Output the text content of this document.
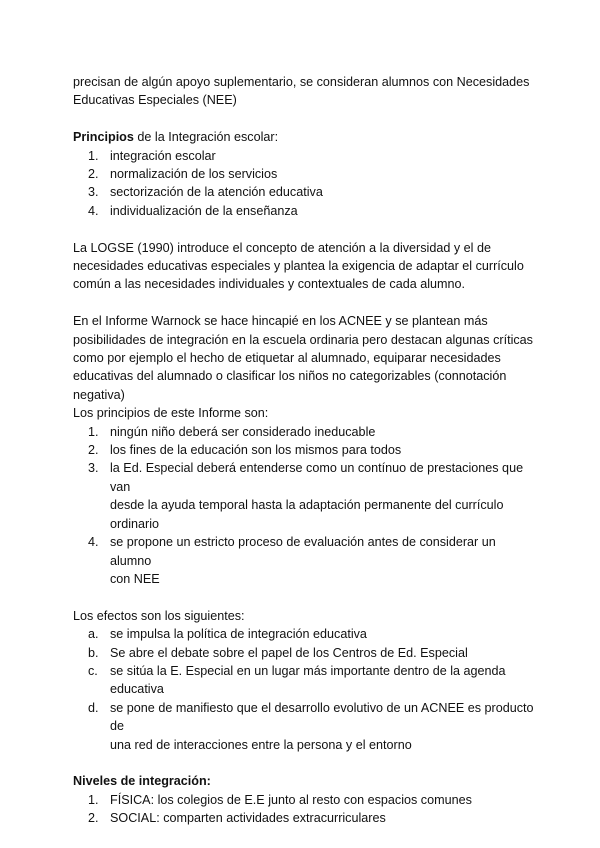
precisan de algún apoyo suplementario, se consideran alumnos con Necesidades
Educativas Especiales (NEE)

Principios de la Integración escolar:

1. integración escolar
2. normalización de los servicios
3. sectorización de la atención educativa
4. individualización de la enseñanza

La LOGSE (1990) introduce el concepto de atención a la diversidad y el de
necesidades educativas especiales y plantea la exigencia de adaptar el currículo
común a las necesidades individuales y contextuales de cada alumno.

En el Informe Warnock se hace hincapié en los ACNEE y se plantean más
posibilidades de integración en la escuela ordinaria pero destacan algunas críticas
como por ejemplo el hecho de etiquetar al alumnado, equiparar necesidades
educativas del alumnado o clasificar los niños no categorizables (connotación
negativa)

Los principios de este Informe son:

1. ningún niño deberá ser considerado ineducable
2. los fines de la educación son los mismos para todos
3. la Ed. Especial deberá entenderse como un contínuo de prestaciones que van
desde la ayuda temporal hasta la adaptación permanente del currículo
ordinario
4. se propone un estricto proceso de evaluación antes de considerar un alumno
con NEE

Los efectos son los siguientes:

a. se impulsa la política de integración educativa
b. Se abre el debate sobre el papel de los Centros de Ed. Especial
c. se sitúa la E. Especial en un lugar más importante dentro de la agenda
educativa
d. se pone de manifiesto que el desarrollo evolutivo de un ACNEE es producto de
una red de interacciones entre la persona y el entorno

Niveles de integración:

1. FÍSICA: los colegios de E.E junto al resto con espacios comunes
2. SOCIAL: comparten actividades extracurriculares
